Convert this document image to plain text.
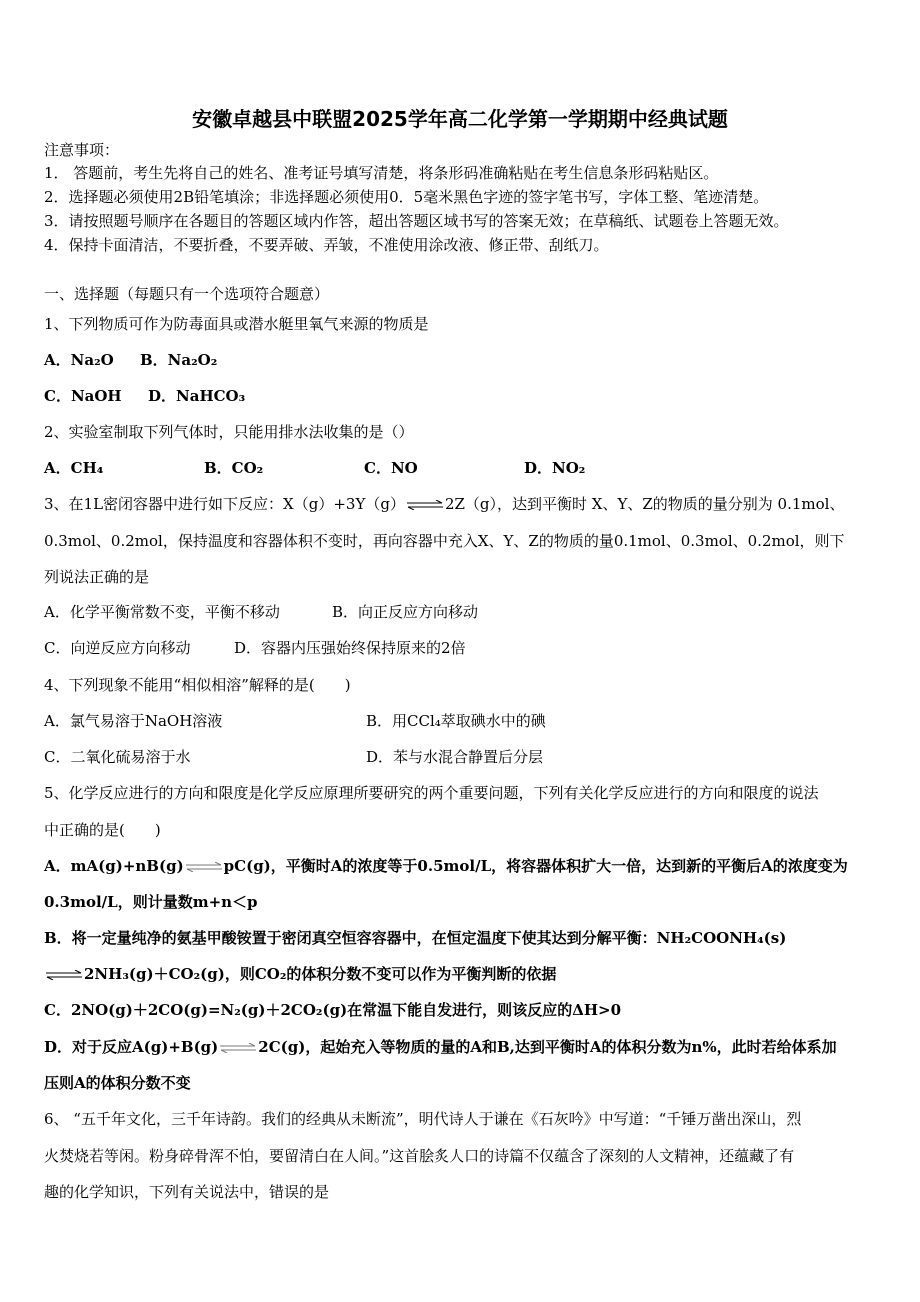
安徽卓越县中联盟2025学年高二化学第一学期期中经典试题
注意事项：
1． 答题前，考生先将自己的姓名、准考证号填写清楚，将条形码准确粘贴在考生信息条形码粘贴区。
2．选择题必须使用2B铅笔填涂；非选择题必须使用0．5毫米黑色字迹的签字笔书写，字体工整、笔迹清楚。
3．请按照题号顺序在各题目的答题区域内作答，超出答题区域书写的答案无效；在草稿纸、试题卷上答题无效。
4．保持卡面清洁，不要折叠，不要弄破、弄皱，不准使用涂改液、修正带、刮纸刀。
一、选择题（每题只有一个选项符合题意）
1、下列物质可作为防毒面具或潜水艇里氧气来源的物质是
A．Na₂O B．Na₂O₂
C．NaOH D．NaHCO₃
2、实验室制取下列气体时，只能用排水法收集的是（）
A．CH₄	B．CO₂	C．NO	D．NO₂
3、在1L密闭容器中进行如下反应：X（g）+3Y（g）⇌2Z（g），达到平衡时 X、Y、Z的物质的量分别为 0.1mol、
0.3mol、0.2mol，保持温度和容器体积不变时，再向容器中充入X、Y、Z的物质的量0.1mol、0.3mol、0.2mol，则下
列说法正确的是
A．化学平衡常数不变，平衡不移动	B．向正反应方向移动
C．向逆反应方向移动	D．容器内压强始终保持原来的2倍
4、下列现象不能用“相似相溶”解释的是(　　)
A．氯气易溶于NaOH溶液	B．用CCl₄萃取碘水中的碘
C．二氧化硫易溶于水	D．苯与水混合静置后分层
5、化学反应进行的方向和限度是化学反应原理所要研究的两个重要问题，下列有关化学反应进行的方向和限度的说法
中正确的是(　　)
A．mA(g)+nB(g)⇌pC(g)，平衡时A的浓度等于0.5mol/L，将容器体积扩大一倍，达到新的平衡后A的浓度变为
0.3mol/L，则计量数m+n＜p
B．将一定量纯净的氨基甲酸铵置于密闭真空恒容容器中，在恒定温度下使其达到分解平衡：NH₂COONH₄(s)
⇌2NH₃(g)＋CO₂(g)，则CO₂的体积分数不变可以作为平衡判断的依据
C．2NO(g)＋2CO(g)=N₂(g)＋2CO₂(g)在常温下能自发进行，则该反应的ΔH>0
D．对于反应A(g)+B(g)⇌2C(g)，起始充入等物质的量的A和B,达到平衡时A的体积分数为n%，此时若给体系加
压则A的体积分数不变
6、 “五千年文化，三千年诗韵。我们的经典从未断流”，明代诗人于谦在《石灰吟》中写道：“千锤万凿出深山，烈
火焚烧若等闲。粉身碎骨浑不怕，要留清白在人间。”这首脍炙人口的诗篇不仅蕴含了深刻的人文精神，还蕴藏了有
趣的化学知识，下列有关说法中，错误的是
